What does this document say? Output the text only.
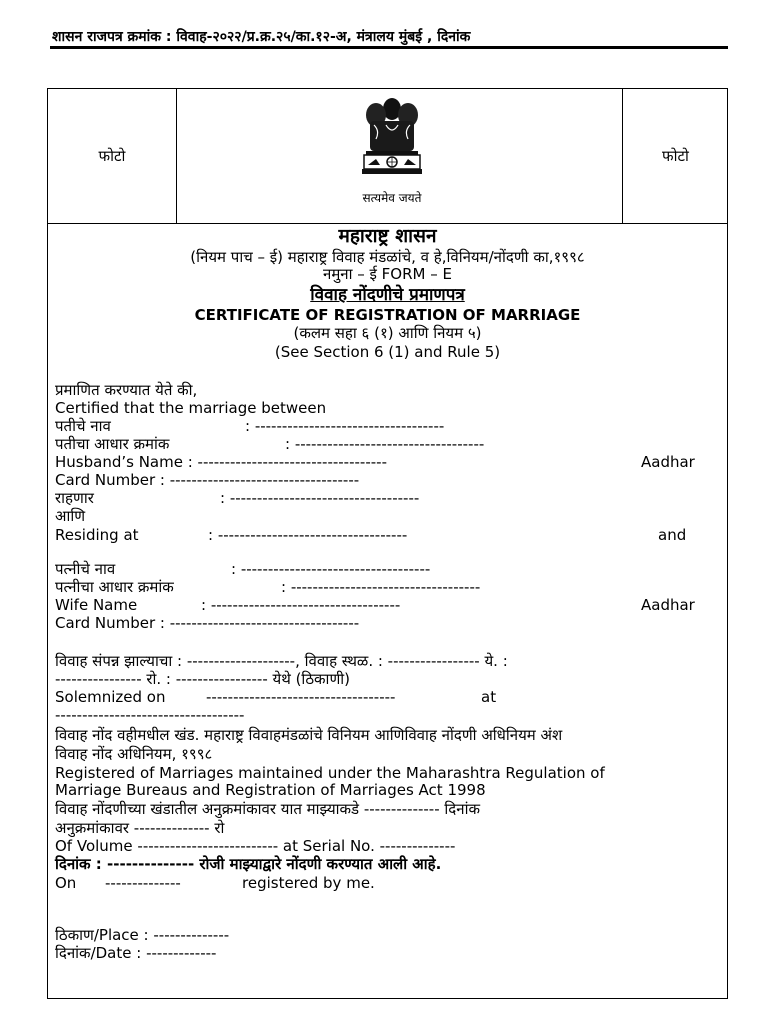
शासन राजपत्र क्रमांक : विवाह-२०२२/प्र.क्र.२५/का.१२-अ, मंत्रालय मुंबई , दिनांक
फोटो
सत्यमेव जयते
फोटो
महाराष्ट्र शासन
(नियम पाच – ई) महाराष्ट्र विवाह मंडळांचे, व हे,विनियम/नोंदणी का,१९९८
नमुना – ई FORM – E
विवाह नोंदणीचे प्रमाणपत्र
CERTIFICATE OF REGISTRATION OF MARRIAGE
(कलम सहा ६ (१) आणि नियम ५)
(See Section 6 (1) and Rule 5)
प्रमाणित करण्यात येते की,
Certified that the marriage between
पतीचे नाव	: -----------------------------------
पतीचा आधार क्रमांक	: -----------------------------------
Husband’s Name : -----------------------------------	Aadhar
Card Number : -----------------------------------
राहणार	: -----------------------------------
आणि
Residing at	: -----------------------------------	and
पत्नीचे नाव	: -----------------------------------
पत्नीचा आधार क्रमांक	: -----------------------------------
Wife Name	: -----------------------------------	Aadhar
Card Number : -----------------------------------
विवाह संपन्न झाल्याचा : --------------------, विवाह स्थळ. : ----------------- ये. :
---------------- रो. : ----------------- येथे (ठिकाणी)
Solemnized on	-----------------------------------	at
-----------------------------------
विवाह नोंद वहीमधील खंड. महाराष्ट्र विवाहमंडळांचे विनियम आणिविवाह नोंदणी अधिनियम अंश
विवाह नोंद अधिनियम, १९९८
Registered of Marriages maintained under the Maharashtra Regulation of
Marriage Bureaus and Registration of Marriages Act 1998
विवाह नोंदणीच्या खंडातील अनुक्रमांकावर यात माझ्याकडे -------------- दिनांक
अनुक्रमांकावर -------------- रो
Of Volume -------------------------- at Serial No. --------------
दिनांक : -------------- रोजी माझ्याद्वारे नोंदणी करण्यात आली आहे.
On --------------	registered by me.
ठिकाण/Place : --------------
दिनांक/Date : -------------
